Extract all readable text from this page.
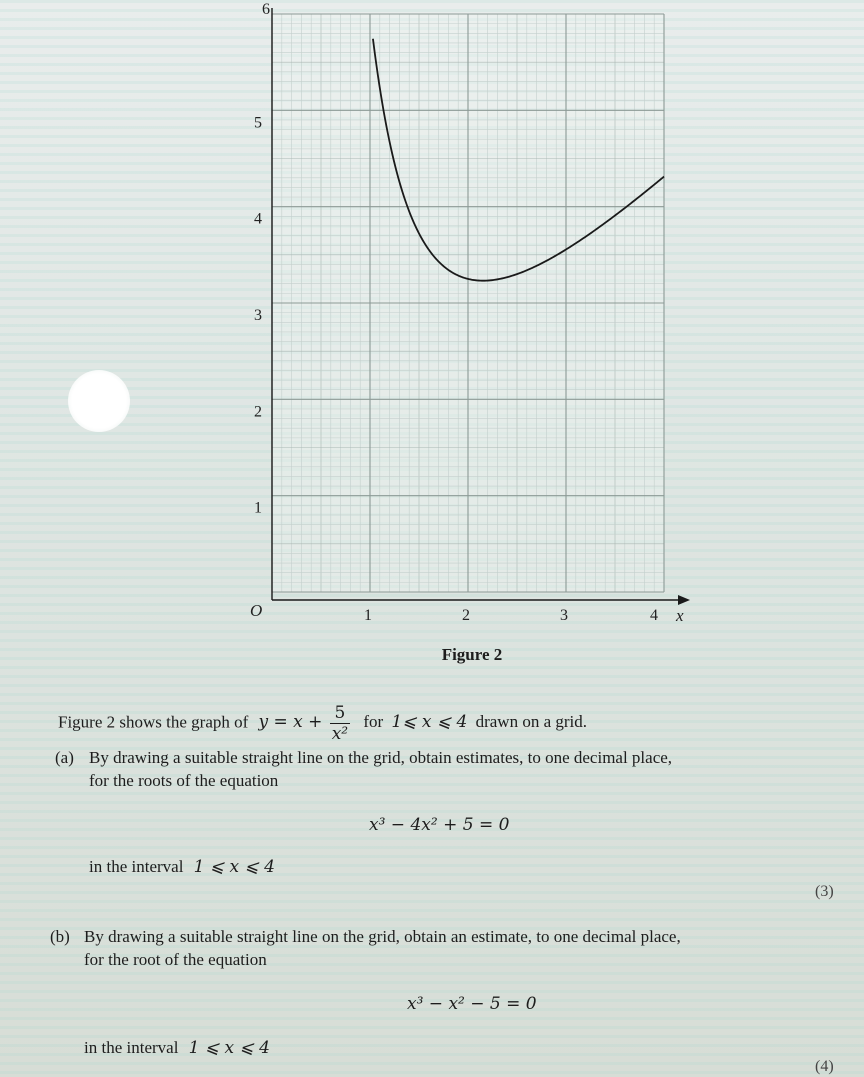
1	2	3	4
1
2
3
4
5
6
O	x
Figure 2
Figure 2 shows the graph of $y = x + \frac{5}{\text{x²}}$ for 1⩽ x ⩽ 4 drawn on a grid.
(a) By drawing a suitable straight line on the grid, obtain estimates, to one decimal place,
for the roots of the equation
x³ − 4x² + 5 = 0
in the interval 1 ⩽ x ⩽ 4
(3)
(b) By drawing a suitable straight line on the grid, obtain an estimate, to one decimal place,
for the root of the equation
x³ − x² − 5 = 0
in the interval 1 ⩽ x ⩽ 4
(4)
